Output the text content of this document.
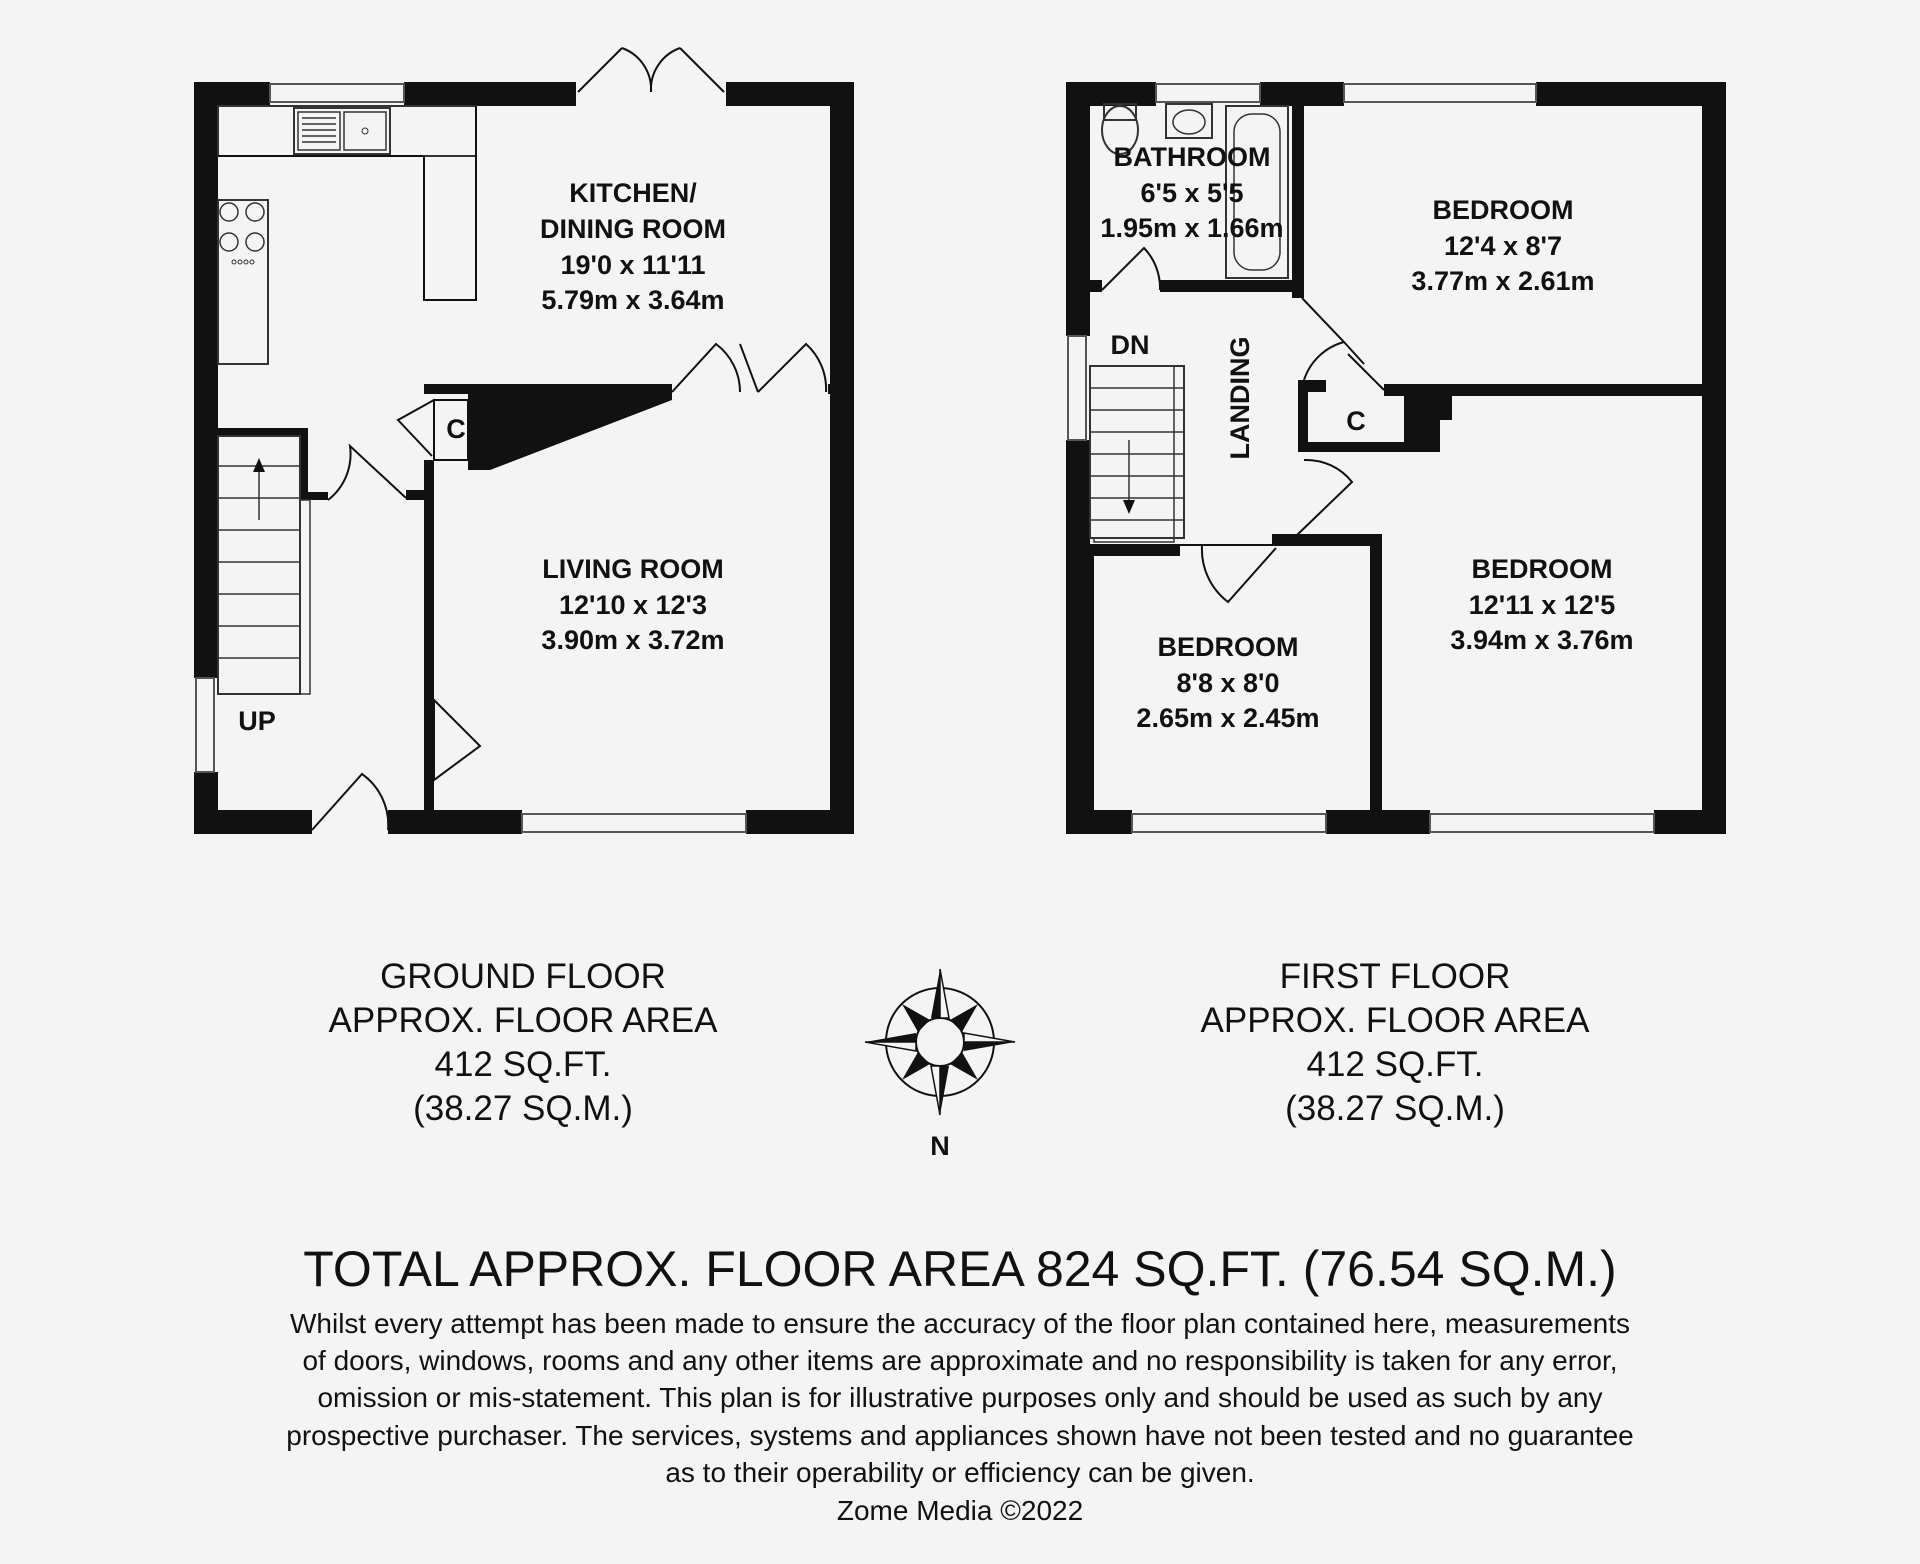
KITCHEN/
DINING ROOM
19'0 x 11'11
5.79m x 3.64m
LIVING ROOM
12'10 x 12'3
3.90m x 3.72m
C
UP
BATHROOM
6'5 x 5'5
1.95m x 1.66m
BEDROOM
12'4 x 8'7
3.77m x 2.61m
BEDROOM
12'11 x 12'5
3.94m x 3.76m
BEDROOM
8'8 x 8'0
2.65m x 2.45m
C
DN	LANDING
GROUND FLOOR
APPROX. FLOOR AREA
412 SQ.FT.
(38.27 SQ.M.)
FIRST FLOOR
APPROX. FLOOR AREA
412 SQ.FT.
(38.27 SQ.M.)
N
TOTAL APPROX. FLOOR AREA 824 SQ.FT. (76.54 SQ.M.)
Whilst every attempt has been made to ensure the accuracy of the floor plan contained here, measurements
of doors, windows, rooms and any other items are approximate and no responsibility is taken for any error,
omission or mis-statement. This plan is for illustrative purposes only and should be used as such by any
prospective purchaser. The services, systems and appliances shown have not been tested and no guarantee
as to their operability or efficiency can be given.
Zome Media ©2022
